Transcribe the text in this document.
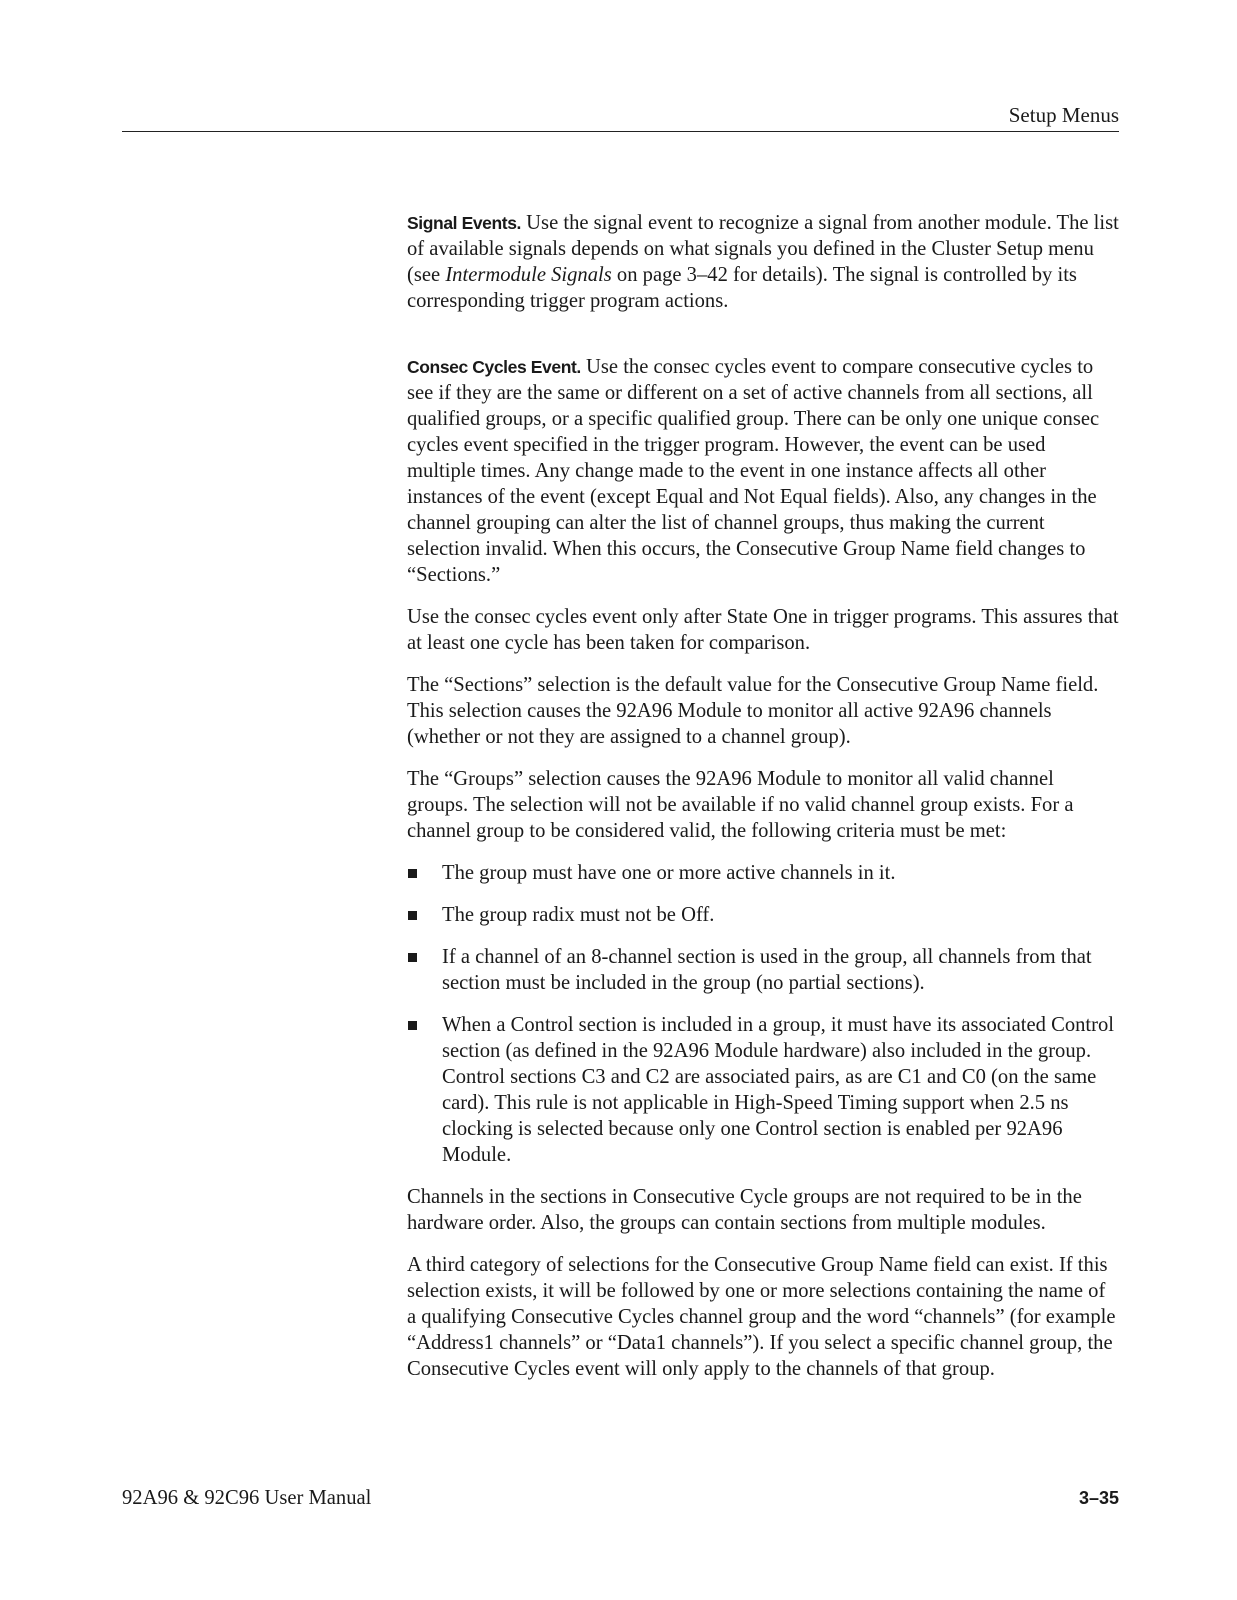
Setup Menus

Signal Events. Use the signal event to recognize a signal from another module. The list of available signals depends on what signals you defined in the Cluster Setup menu (see Intermodule Signals on page 3–42 for details). The signal is controlled by its corresponding trigger program actions.

Consec Cycles Event. Use the consec cycles event to compare consecutive cycles to see if they are the same or different on a set of active channels from all sections, all qualified groups, or a specific qualified group. There can be only one unique consec cycles event specified in the trigger program. However, the event can be used multiple times. Any change made to the event in one instance affects all other instances of the event (except Equal and Not Equal fields). Also, any changes in the channel grouping can alter the list of channel groups, thus making the current selection invalid. When this occurs, the Consecutive Group Name field changes to “Sections.”

Use the consec cycles event only after State One in trigger programs. This assures that at least one cycle has been taken for comparison.

The “Sections” selection is the default value for the Consecutive Group Name field. This selection causes the 92A96 Module to monitor all active 92A96 channels (whether or not they are assigned to a channel group).

The “Groups” selection causes the 92A96 Module to monitor all valid channel groups. The selection will not be available if no valid channel group exists. For a channel group to be considered valid, the following criteria must be met:

The group must have one or more active channels in it.
The group radix must not be Off.
If a channel of an 8-channel section is used in the group, all channels from that section must be included in the group (no partial sections).
When a Control section is included in a group, it must have its associated Control section (as defined in the 92A96 Module hardware) also included in the group. Control sections C3 and C2 are associated pairs, as are C1 and C0 (on the same card). This rule is not applicable in High-Speed Timing support when 2.5 ns clocking is selected because only one Control section is enabled per 92A96 Module.

Channels in the sections in Consecutive Cycle groups are not required to be in the hardware order. Also, the groups can contain sections from multiple modules.

A third category of selections for the Consecutive Group Name field can exist. If this selection exists, it will be followed by one or more selections containing the name of a qualifying Consecutive Cycles channel group and the word “channels” (for example “Address1 channels” or “Data1 channels”). If you select a specific channel group, the Consecutive Cycles event will only apply to the channels of that group.

92A96 & 92C96 User Manual	3–35
